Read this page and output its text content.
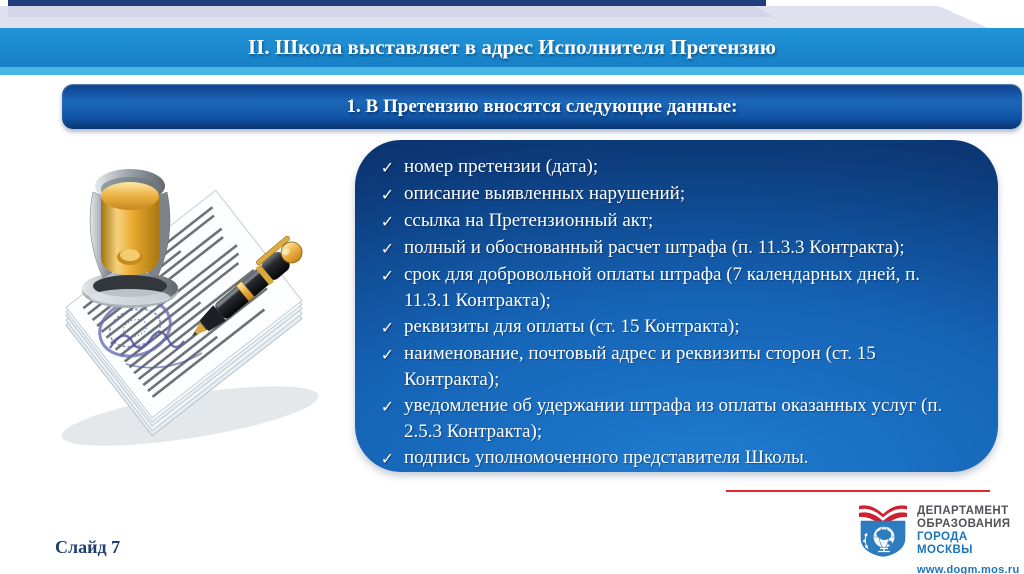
II. Школа выставляет в адрес Исполнителя Претензию
1. В Претензию вносятся следующие данные:
✓ номер претензии (дата);
✓ описание выявленных нарушений;
✓ ссылка на Претензионный акт;
✓ полный и обоснованный расчет штрафа (п. 11.3.3 Контракта);
✓ срок для добровольной оплаты штрафа (7 календарных дней, п. 11.3.1 Контракта);
✓ реквизиты для оплаты (ст. 15 Контракта);
✓ наименование, почтовый адрес и реквизиты сторон (ст. 15 Контракта);
✓ уведомление об удержании штрафа из оплаты оказанных услуг (п. 2.5.3 Контракта);
✓ подпись уполномоченного представителя Школы.
Слайд 7
ДЕПАРТАМЕНТ
ОБРАЗОВАНИЯ
ГОРОДА МОСКВЫ
www.dogm.mos.ru
